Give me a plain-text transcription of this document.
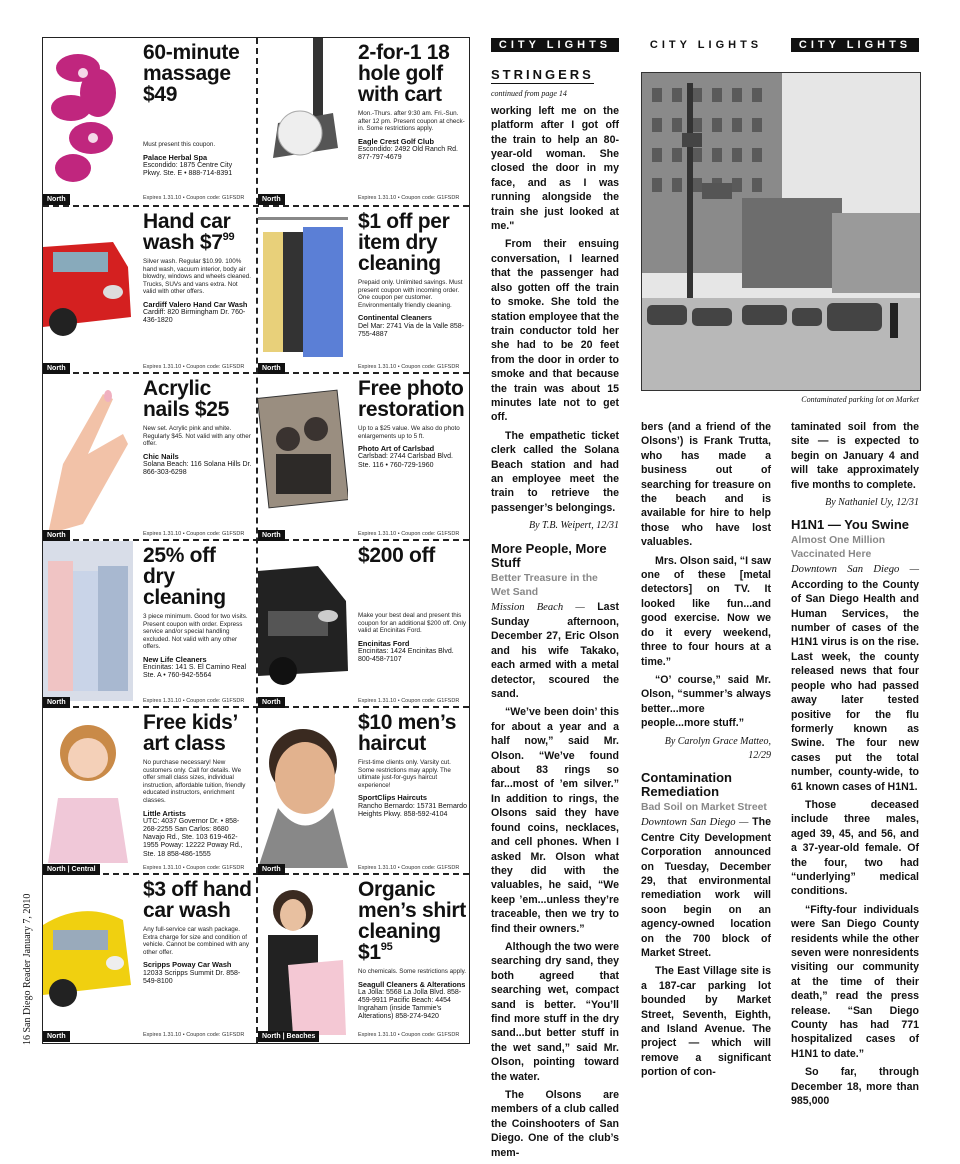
60-minute massage $49
Must present this coupon.
Palace Herbal Spa
Escondido: 1875 Centre City Pkwy. Ste. E • 888-714-8391
Expires 1.31.10 • Coupon code: G1FSDR
North
2-for-1 18 hole golf with cart
Mon.-Thurs. after 9:30 am. Fri.-Sun. after 12 pm. Present coupon at check-in. Some restrictions apply.
Eagle Crest Golf Club
Escondido: 2492 Old Ranch Rd. 877-797-4679
Expires 1.31.10 • Coupon code: G1FSDR
North
Hand car wash $\$7^{99}$
Silver wash. Regular $10.99. 100% hand wash, vacuum interior, body air blowdry, windows and wheels cleaned. Trucks, SUVs and vans extra. Not valid with other offers.
Cardiff Valero Hand Car Wash
Cardiff: 820 Birmingham Dr. 760-436-1820
Expires 1.31.10 • Coupon code: G1FSDR
North
$1 off per item dry cleaning
Prepaid only. Unlimited savings. Must present coupon with incoming order. One coupon per customer. Environmentally friendly cleaning.
Continental Cleaners
Del Mar: 2741 Via de la Valle 858-755-4887
Expires 1.31.10 • Coupon code: G1FSDR
North
Acrylic nails $25
New set. Acrylic pink and white. Regularly $45. Not valid with any other offer.
Chic Nails
Solana Beach: 116 Solana Hills Dr. 866-303-6298
Expires 1.31.10 • Coupon code: G1FSDR
North
Free photo restoration
Up to a $25 value. We also do photo enlargements up to 5 ft.
Photo Art of Carlsbad
Carlsbad: 2744 Carlsbad Blvd. Ste. 116 • 760-729-1960
Expires 1.31.10 • Coupon code: G1FSDR
North
25% off dry cleaning
3 piece minimum. Good for two visits. Present coupon with order. Express service and/or special handling excluded. Not valid with any other offers.
New Life Cleaners
Encinitas: 141 S. El Camino Real Ste. A • 760-942-5564
Expires 1.31.10 • Coupon code: G1FSDR
North
$200 off
Make your best deal and present this coupon for an additional $200 off. Only valid at Encinitas Ford.
Encinitas Ford
Encinitas: 1424 Encinitas Blvd. 800-458-7107
Expires 1.31.10 • Coupon code: G1FSDR
North
Free kids’ art class
No purchase necessary! New customers only. Call for details. We offer small class sizes, individual instruction, affordable tuition, friendly educated instructors, enrichment classes.
Little Artists
UTC: 4037 Governor Dr. • 858-268-2255 San Carlos: 8680 Navajo Rd., Ste. 103 619-462-1955 Poway: 12222 Poway Rd., Ste. 18 858-486-1555
Expires 1.31.10 • Coupon code: G1FSDR
North | Central
$10 men’s haircut
First-time clients only. Varsity cut. Some restrictions may apply. The ultimate just-for-guys haircut experience!
SportClips Haircuts
Rancho Bernardo: 15731 Bernardo Heights Pkwy. 858-592-4104
Expires 1.31.10 • Coupon code: G1FSDR
North
$3 off hand car wash
Any full-service car wash package. Extra charge for size and condition of vehicle. Cannot be combined with any other offer.
Scripps Poway Car Wash
12033 Scripps Summit Dr. 858-549-8100
Expires 1.31.10 • Coupon code: G1FSDR
North
Organic men’s shirt cleaning $\$1^{95}$
No chemicals. Some restrictions apply.
Seagull Cleaners & Alterations
La Jolla: 5568 La Jolla Blvd. 858-459-9911 Pacific Beach: 4454 Ingraham (inside Tammie’s Alterations) 858-274-9420
Expires 1.31.10 • Coupon code: G1FSDR
North | Beaches
16 San Diego Reader January 7, 2010
CITY LIGHTS	CITY LIGHTS	CITY LIGHTS
STRINGERS
continued from page 14

working left me on the platform after I got off the train to help an 80-year-old woman. She closed the door in my face, and as I was running alongside the train she just looked at me."

From their ensuing conversation, I learned that the passenger had also gotten off the train to smoke. She told the station employee that the train conductor told her she had to be 20 feet from the door in order to smoke and that because the train was about 15 minutes late not to get off.

The empathetic ticket clerk called the Solana Beach station and had an employee meet the train to retrieve the passenger’s belongings.

By T.B. Weipert, 12/31
More People, More Stuff
Better Treasure in the Wet Sand

Mission Beach — Last Sunday afternoon, December 27, Eric Olson and his wife Takako, each armed with a metal detector, scoured the sand.

“We’ve been doin’ this for about a year and a half now,” said Mr. Olson. “We’ve found about 83 rings so far...most of ’em silver.” In addition to rings, the Olsons said they have found coins, necklaces, and cell phones. When I asked Mr. Olson what they did with the valuables, he said, “We keep ’em...unless they’re traceable, then we try to find their owners.”

Although the two were searching dry sand, they both agreed that searching wet, compact sand is better. “You’ll find more stuff in the dry sand...but better stuff in the wet sand,” said Mr. Olson, pointing toward the water.

The Olsons are members of a club called the Coinshooters of San Diego. One of the club’s mem-

Contaminated parking lot on Market

bers (and a friend of the Olsons’) is Frank Trutta, who has made a business out of searching for treasure on the beach and is available for hire to help those who have lost valuables.

Mrs. Olson said, “I saw one of these [metal detectors] on TV. It looked like fun...and good exercise. Now we do it every weekend, three to four hours at a time.”

“O’ course,” said Mr. Olson, “summer’s always better...more people...more stuff.”

By Carolyn Grace Matteo, 12/29
Contamination Remediation
Bad Soil on Market Street

Downtown San Diego — The Centre City Development Corporation announced on Tuesday, December 29, that environmental remediation work will soon begin on an agency-owned location on the 700 block of Market Street.

The East Village site is a 187-car parking lot bounded by Market Street, Seventh, Eighth, and Island Avenue. The project — which will remove a significant portion of con-

taminated soil from the site — is expected to begin on January 4 and will take approximately five months to complete.

By Nathaniel Uy, 12/31
H1N1 — You Swine
Almost One Million Vaccinated Here

Downtown San Diego — According to the County of San Diego Health and Human Services, the number of cases of the H1N1 virus is on the rise. Last week, the county released news that four people who had passed away later tested positive for the flu formerly known as Swine. The four new cases put the total number, county-wide, to 61 known cases of H1N1.

Those deceased include three males, aged 39, 45, and 56, and a 37-year-old female. Of the four, two had “underlying” medical conditions.

“Fifty-four individuals were San Diego County residents while the other seven were nonresidents visiting our community at the time of their death,” read the press release. “San Diego County has had 771 hospitalized cases of H1N1 to date.”

So far, through December 18, more than 985,000
